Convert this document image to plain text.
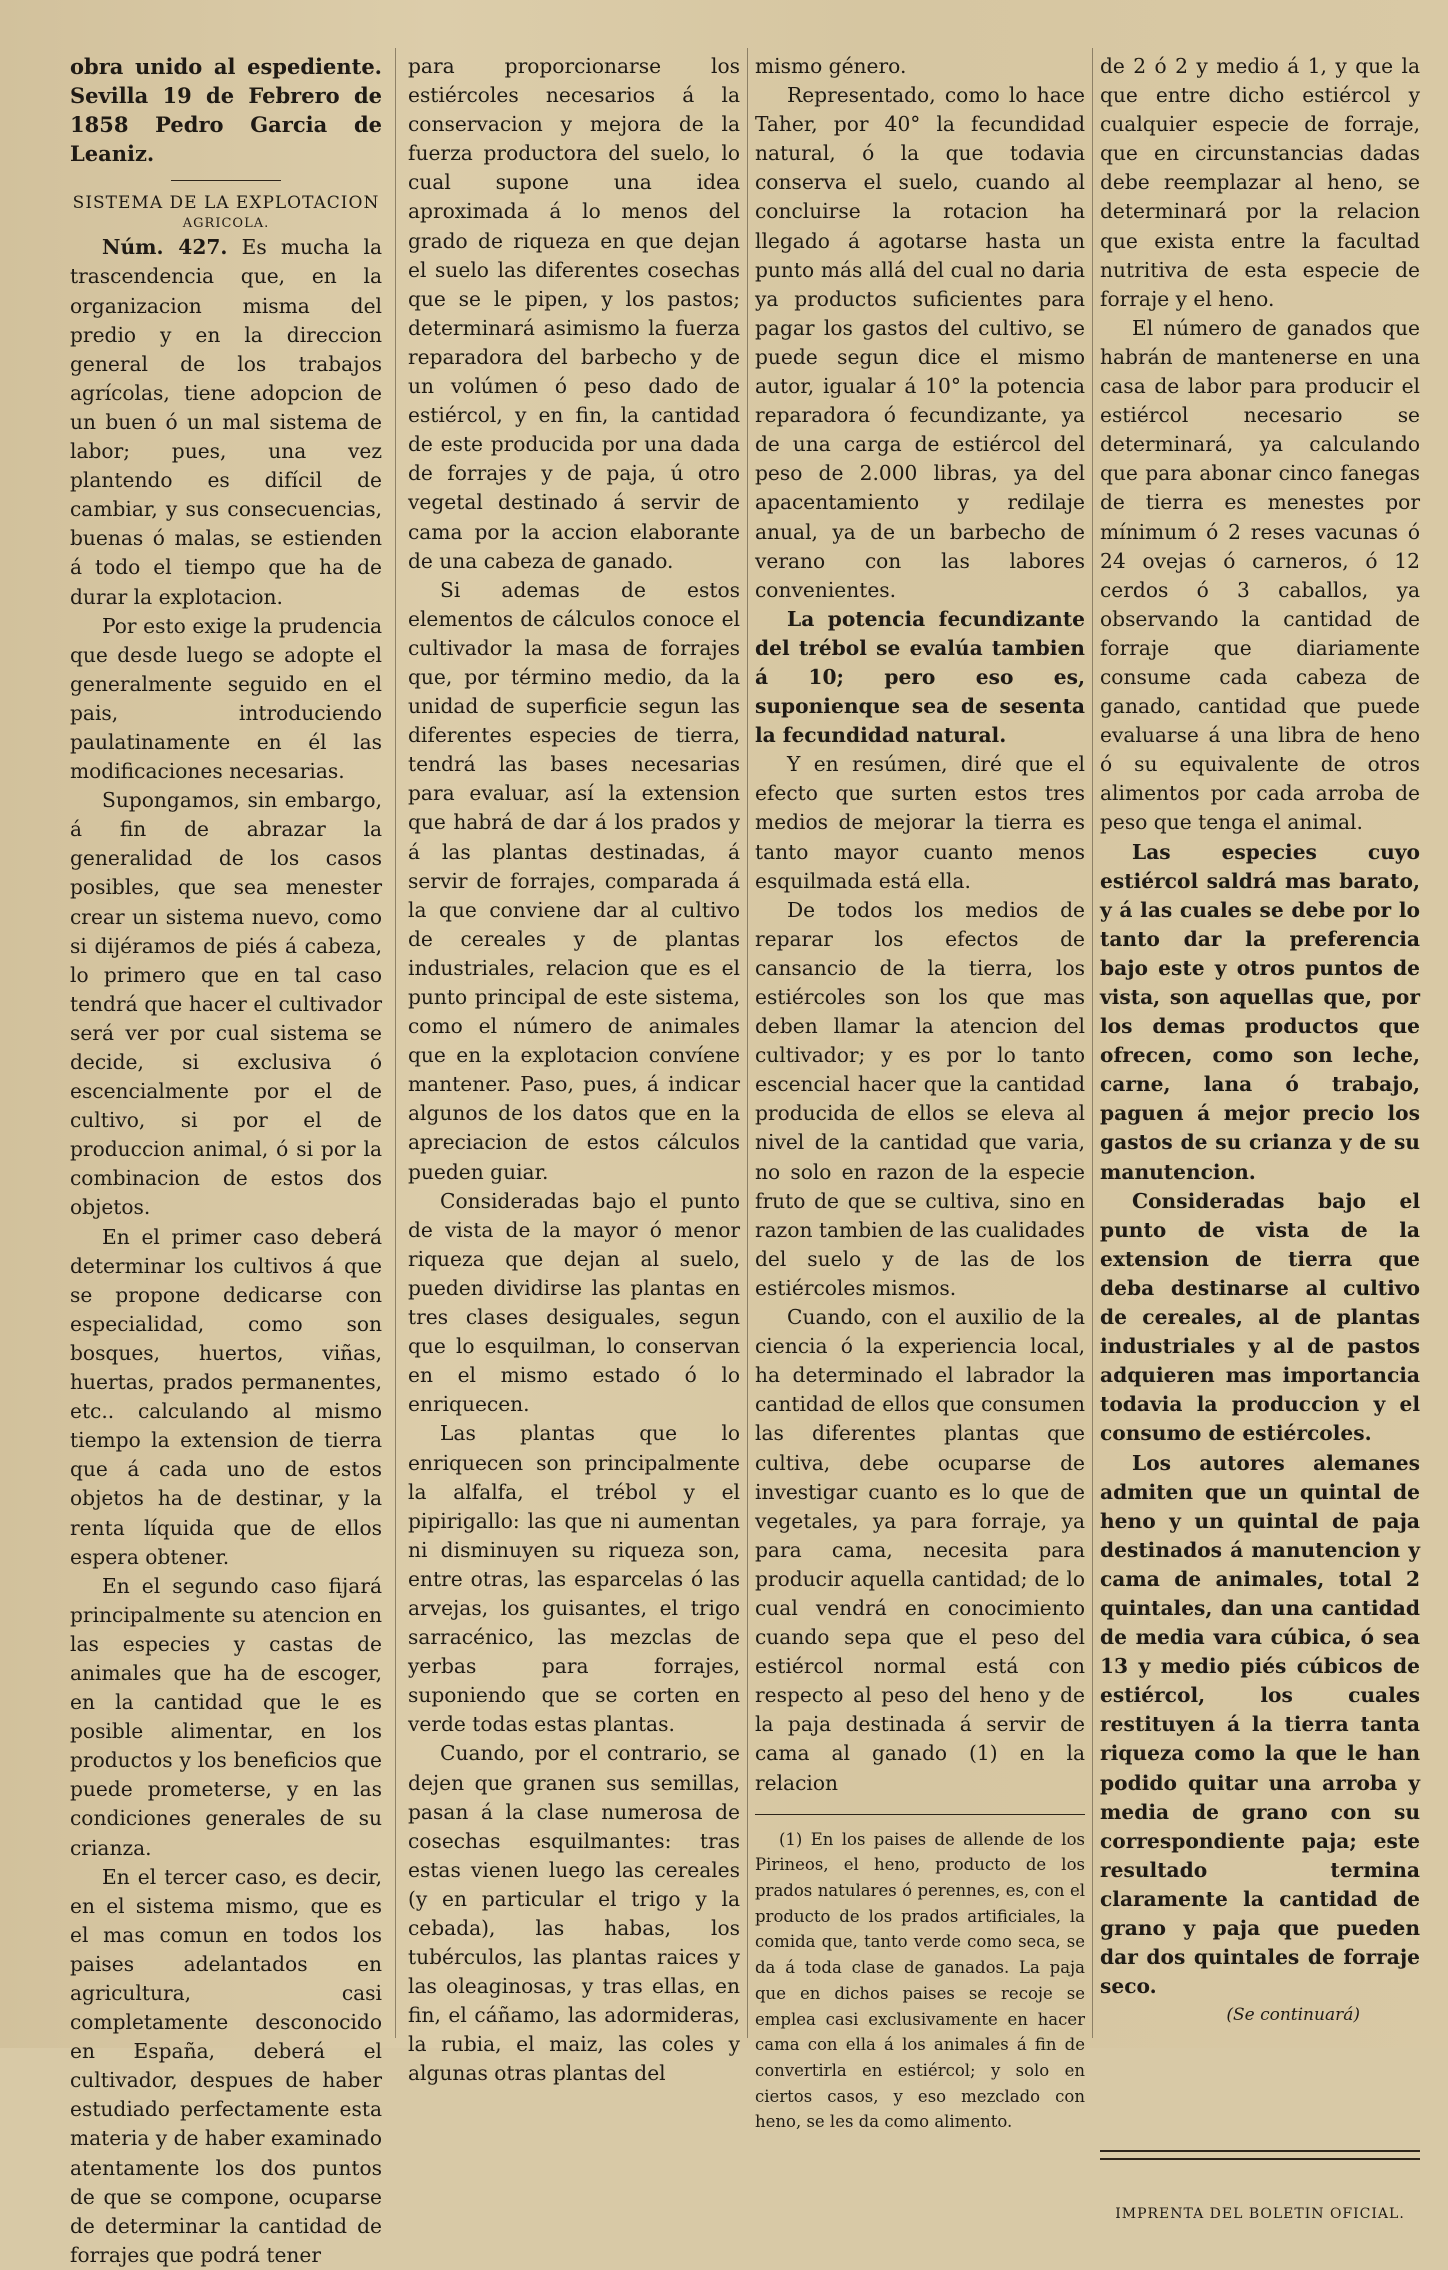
obra unido al espediente. Sevilla 19 de Febrero de 1858 Pedro Garcia de Leaniz.

SISTEMA DE LA EXPLOTACION

AGRICOLA.

Núm. 427. Es mucha la trascendencia que, en la organizacion misma del predio y en la direccion general de los trabajos agrícolas, tiene adopcion de un buen ó un mal sistema de labor; pues, una vez plantendo es difícil de cambiar, y sus consecuencias, buenas ó malas, se estienden á todo el tiempo que ha de durar la explotacion.

Por esto exige la prudencia que desde luego se adopte el generalmente seguido en el pais, introduciendo paulatinamente en él las modificaciones necesarias.

Supongamos, sin embargo, á fin de abrazar la generalidad de los casos posibles, que sea menester crear un sistema nuevo, como si dijéramos de piés á cabeza, lo primero que en tal caso tendrá que hacer el cultivador será ver por cual sistema se decide, si exclusiva ó escencialmente por el de cultivo, si por el de produccion animal, ó si por la combinacion de estos dos objetos.

En el primer caso deberá determinar los cultivos á que se propone dedicarse con especialidad, como son bosques, huertos, viñas, huertas, prados permanentes, etc.. calculando al mismo tiempo la extension de tierra que á cada uno de estos objetos ha de destinar, y la renta líquida que de ellos espera obtener.

En el segundo caso fijará principalmente su atencion en las especies y castas de animales que ha de escoger, en la cantidad que le es posible alimentar, en los productos y los beneficios que puede prometerse, y en las condiciones generales de su crianza.

En el tercer caso, es decir, en el sistema mismo, que es el mas comun en todos los paises adelantados en agricultura, casi completamente desconocido en España, deberá el cultivador, despues de haber estudiado perfectamente esta materia y de haber examinado atentamente los dos puntos de que se compone, ocuparse de determinar la cantidad de forrajes que podrá tener

para proporcionarse los estiércoles necesarios á la conservacion y mejora de la fuerza productora del suelo, lo cual supone una idea aproximada á lo menos del grado de riqueza en que dejan el suelo las diferentes cosechas que se le pipen, y los pastos; determinará asimismo la fuerza reparadora del barbecho y de un volúmen ó peso dado de estiércol, y en fin, la cantidad de este producida por una dada de forrajes y de paja, ú otro vegetal destinado á servir de cama por la accion elaborante de una cabeza de ganado.

Si ademas de estos elementos de cálculos conoce el cultivador la masa de forrajes que, por término medio, da la unidad de superficie segun las diferentes especies de tierra, tendrá las bases necesarias para evaluar, así la extension que habrá de dar á los prados y á las plantas destinadas, á servir de forrajes, comparada á la que conviene dar al cultivo de cereales y de plantas industriales, relacion que es el punto principal de este sistema, como el número de animales que en la explotacion convíene mantener. Paso, pues, á indicar algunos de los datos que en la apreciacion de estos cálculos pueden guiar.

Consideradas bajo el punto de vista de la mayor ó menor riqueza que dejan al suelo, pueden dividirse las plantas en tres clases desiguales, segun que lo esquilman, lo conservan en el mismo estado ó lo enriquecen.

Las plantas que lo enriquecen son principalmente la alfalfa, el trébol y el pipirigallo: las que ni aumentan ni disminuyen su riqueza son, entre otras, las esparcelas ó las arvejas, los guisantes, el trigo sarracénico, las mezclas de yerbas para forrajes, suponiendo que se corten en verde todas estas plantas.

Cuando, por el contrario, se dejen que granen sus semillas, pasan á la clase numerosa de cosechas esquilmantes: tras estas vienen luego las cereales (y en particular el trigo y la cebada), las habas, los tubérculos, las plantas raices y las oleaginosas, y tras ellas, en fin, el cáñamo, las adormideras, la rubia, el maiz, las coles y algunas otras plantas del

mismo género.

Representado, como lo hace Taher, por 40° la fecundidad natural, ó la que todavia conserva el suelo, cuando al concluirse la rotacion ha llegado á agotarse hasta un punto más allá del cual no daria ya productos suficientes para pagar los gastos del cultivo, se puede segun dice el mismo autor, igualar á 10° la potencia reparadora ó fecundizante, ya de una carga de estiércol del peso de 2.000 libras, ya del apacentamiento y redilaje anual, ya de un barbecho de verano con las labores convenientes.

La potencia fecundizante del trébol se evalúa tambien á 10; pero eso es, suponienque sea de sesenta la fecundidad natural.

Y en resúmen, diré que el efecto que surten estos tres medios de mejorar la tierra es tanto mayor cuanto menos esquilmada está ella.

De todos los medios de reparar los efectos de cansancio de la tierra, los estiércoles son los que mas deben llamar la atencion del cultivador; y es por lo tanto escencial hacer que la cantidad producida de ellos se eleva al nivel de la cantidad que varia, no solo en razon de la especie fruto de que se cultiva, sino en razon tambien de las cualidades del suelo y de las de los estiércoles mismos.

Cuando, con el auxilio de la ciencia ó la experiencia local, ha determinado el labrador la cantidad de ellos que consumen las diferentes plantas que cultiva, debe ocuparse de investigar cuanto es lo que de vegetales, ya para forraje, ya para cama, necesita para producir aquella cantidad; de lo cual vendrá en conocimiento cuando sepa que el peso del estiércol normal está con respecto al peso del heno y de la paja destinada á servir de cama al ganado (1) en la relacion

(1) En los paises de allende de los Pirineos, el heno, producto de los prados natulares ó perennes, es, con el producto de los prados artificiales, la comida que, tanto verde como seca, se da á toda clase de ganados. La paja que en dichos paises se recoje se emplea casi exclusivamente en hacer cama con ella á los animales á fin de convertirla en estiércol; y solo en ciertos casos, y eso mezclado con heno, se les da como alimento.

de 2 ó 2 y medio á 1, y que la que entre dicho estiércol y cualquier especie de forraje, que en circunstancias dadas debe reemplazar al heno, se determinará por la relacion que exista entre la facultad nutritiva de esta especie de forraje y el heno.

El número de ganados que habrán de mantenerse en una casa de labor para producir el estiércol necesario se determinará, ya calculando que para abonar cinco fanegas de tierra es menestes por mínimum ó 2 reses vacunas ó 24 ovejas ó carneros, ó 12 cerdos ó 3 caballos, ya observando la cantidad de forraje que diariamente consume cada cabeza de ganado, cantidad que puede evaluarse á una libra de heno ó su equivalente de otros alimentos por cada arroba de peso que tenga el animal.

Las especies cuyo estiércol saldrá mas barato, y á las cuales se debe por lo tanto dar la preferencia bajo este y otros puntos de vista, son aquellas que, por los demas productos que ofrecen, como son leche, carne, lana ó trabajo, paguen á mejor precio los gastos de su crianza y de su manutencion.

Consideradas bajo el punto de vista de la extension de tierra que deba destinarse al cultivo de cereales, al de plantas industriales y al de pastos adquieren mas importancia todavia la produccion y el consumo de estiércoles.

Los autores alemanes admiten que un quintal de heno y un quintal de paja destinados á manutencion y cama de animales, total 2 quintales, dan una cantidad de media vara cúbica, ó sea 13 y medio piés cúbicos de estiércol, los cuales restituyen á la tierra tanta riqueza como la que le han podido quitar una arroba y media de grano con su correspondiente paja; este resultado termina claramente la cantidad de grano y paja que pueden dar dos quintales de forraje seco.

(Se continuará)

IMPRENTA DEL BOLETIN OFICIAL.
